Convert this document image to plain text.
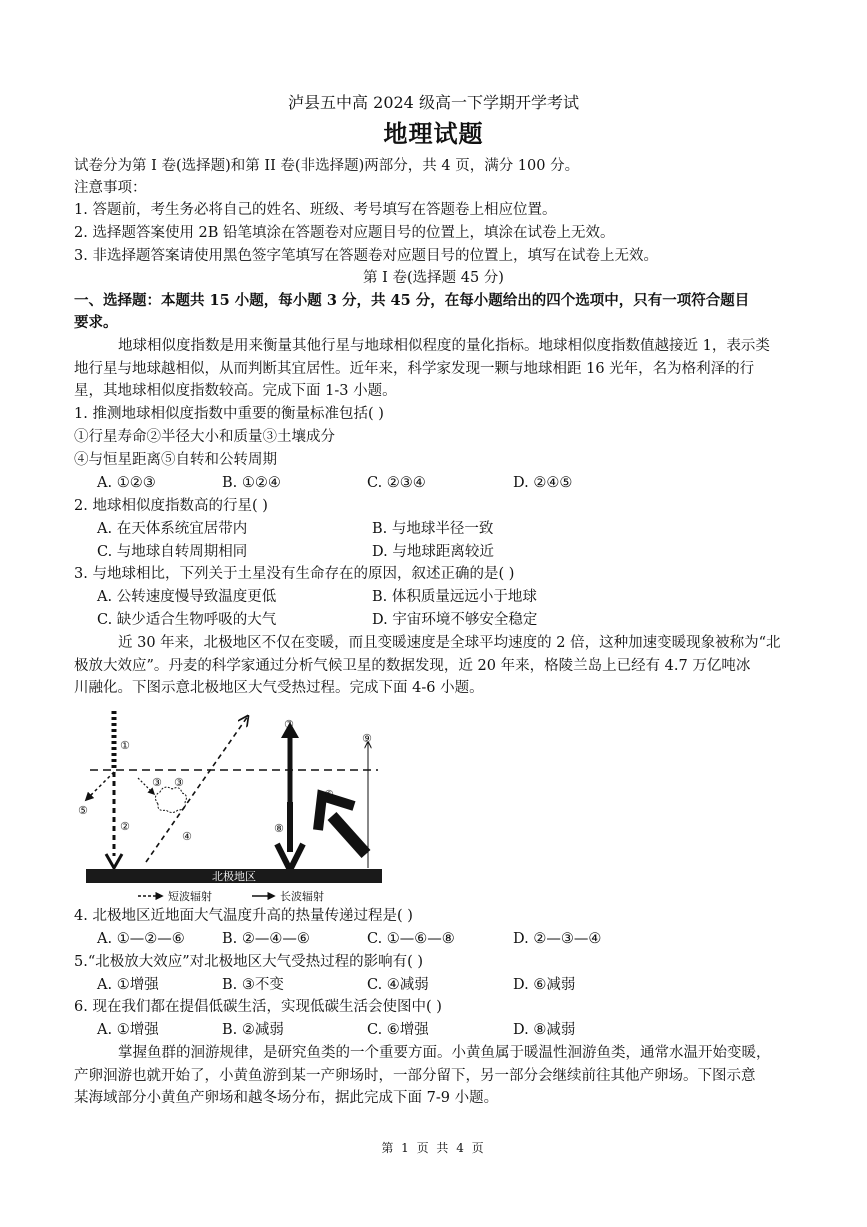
泸县五中高 2024 级高一下学期开学考试
地理试题
试卷分为第 I 卷(选择题)和第 II 卷(非选择题)两部分，共 4 页，满分 100 分。
注意事项：
1. 答题前，考生务必将自己的姓名、班级、考号填写在答题卷上相应位置。
2. 选择题答案使用 2B 铅笔填涂在答题卷对应题目号的位置上，填涂在试卷上无效。
3. 非选择题答案请使用黑色签字笔填写在答题卷对应题目号的位置上，填写在试卷上无效。
第 I 卷(选择题 45 分)
一、选择题：本题共 15 小题，每小题 3 分，共 45 分，在每小题给出的四个选项中，只有一项符合题目
要求。
地球相似度指数是用来衡量其他行星与地球相似程度的量化指标。地球相似度指数值越接近 1，表示类
地行星与地球越相似，从而判断其宜居性。近年来，科学家发现一颗与地球相距 16 光年，名为格利泽的行
星，其地球相似度指数较高。完成下面 1-3 小题。
1. 推测地球相似度指数中重要的衡量标准包括( )
①行星寿命②半径大小和质量③土壤成分
④与恒星距离⑤自转和公转周期
A. ①②③	B. ①②④	C. ②③④	D. ②④⑤
2. 地球相似度指数高的行星( )
A. 在天体系统宜居带内	B. 与地球半径一致
C. 与地球自转周期相同	D. 与地球距离较近
3. 与地球相比，下列关于土星没有生命存在的原因，叙述正确的是( )
A. 公转速度慢导致温度更低	B. 体积质量远远小于地球
C. 缺少适合生物呼吸的大气	D. 宇宙环境不够安全稳定
近 30 年来，北极地区不仅在变暖，而且变暖速度是全球平均速度的 2 倍，这种加速变暖现象被称为“北
极放大效应”。丹麦的科学家通过分析气候卫星的数据发现，近 20 年来，格陵兰岛上已经有 4.7 万亿吨冰
川融化。下图示意北极地区大气受热过程。完成下面 4-6 小题。
北极地区
短波辐射	长波辐射
①
②
③ ③
④
⑤
⑥
⑦
⑧
⑨
4. 北极地区近地面大气温度升高的热量传递过程是( )
A. ①—②—⑥	B. ②—④—⑥	C. ①—⑥—⑧	D. ②—③—④
5.“北极放大效应”对北极地区大气受热过程的影响有( )
A. ①增强	B. ③不变	C. ④减弱	D. ⑥减弱
6. 现在我们都在提倡低碳生活，实现低碳生活会使图中( )
A. ①增强	B. ②减弱	C. ⑥增强	D. ⑧减弱
掌握鱼群的洄游规律，是研究鱼类的一个重要方面。小黄鱼属于暖温性洄游鱼类，通常水温开始变暖，
产卵洄游也就开始了，小黄鱼游到某一产卵场时，一部分留下，另一部分会继续前往其他产卵场。下图示意
某海域部分小黄鱼产卵场和越冬场分布，据此完成下面 7-9 小题。
第 1 页 共 4 页
